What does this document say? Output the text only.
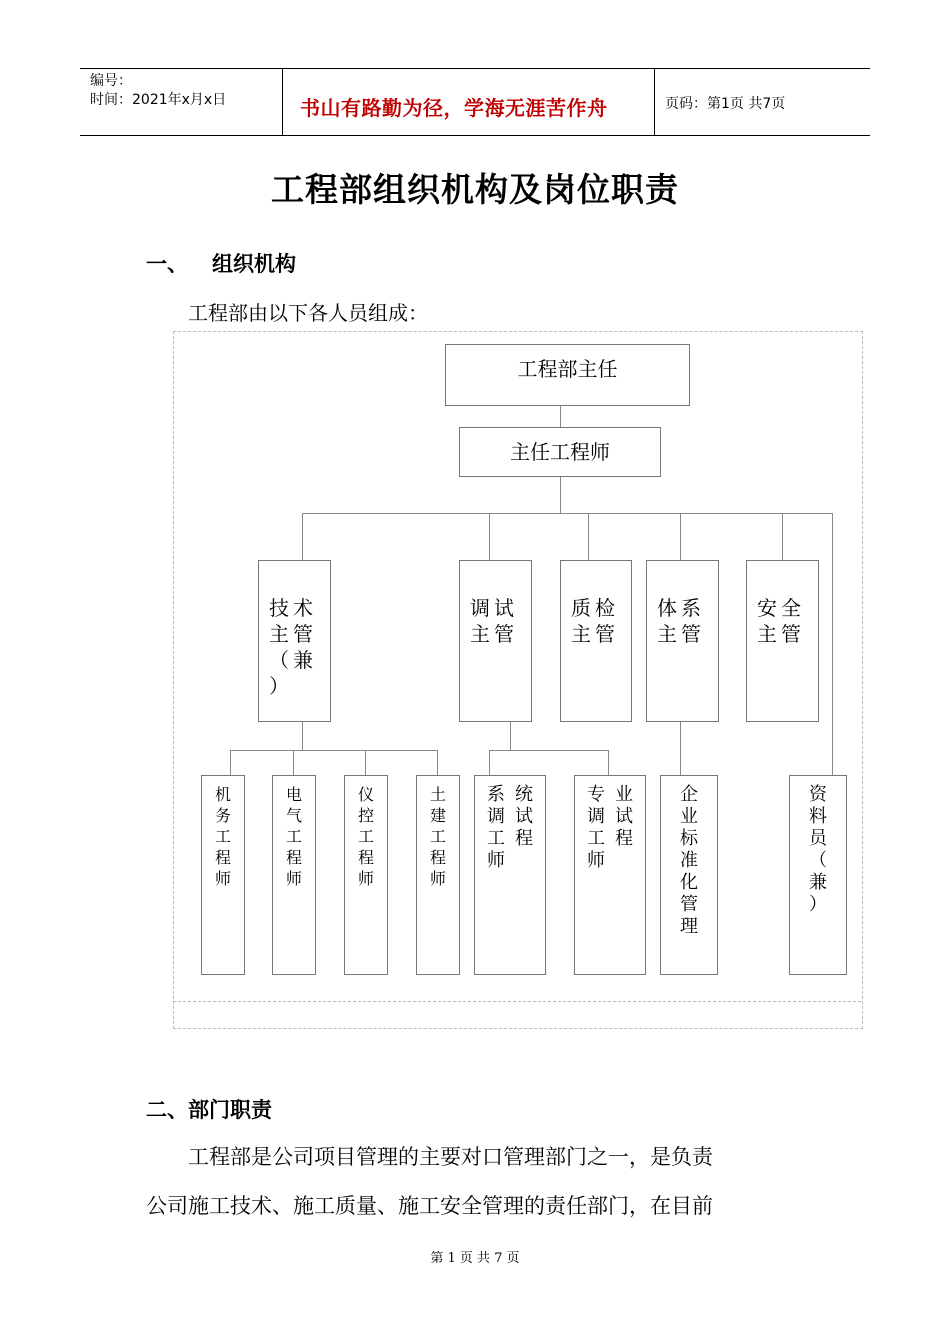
编号：
时间：2021年x月x日	书山有路勤为径，学海无涯苦作舟	页码：第1页 共7页
工程部组织机构及岗位职责
一、 组织机构
工程部由以下各人员组成：
工程部主任
主任工程师

技术
主管
（兼
）

调试
主管

质检
主管

体系
主管

安全
主管

机
务
工
程
师
电
气
工
程
师
仪
控
工
程
师
土
建
工
程
师
系
调
工
师统
试
程
专
调
工
师业
试
程
企
业
标
准
化
管
理
资
料
员
（
兼
）
二、部门职责
工程部是公司项目管理的主要对口管理部门之一，是负责
公司施工技术、施工质量、施工安全管理的责任部门，在目前
第 1 页 共 7 页
